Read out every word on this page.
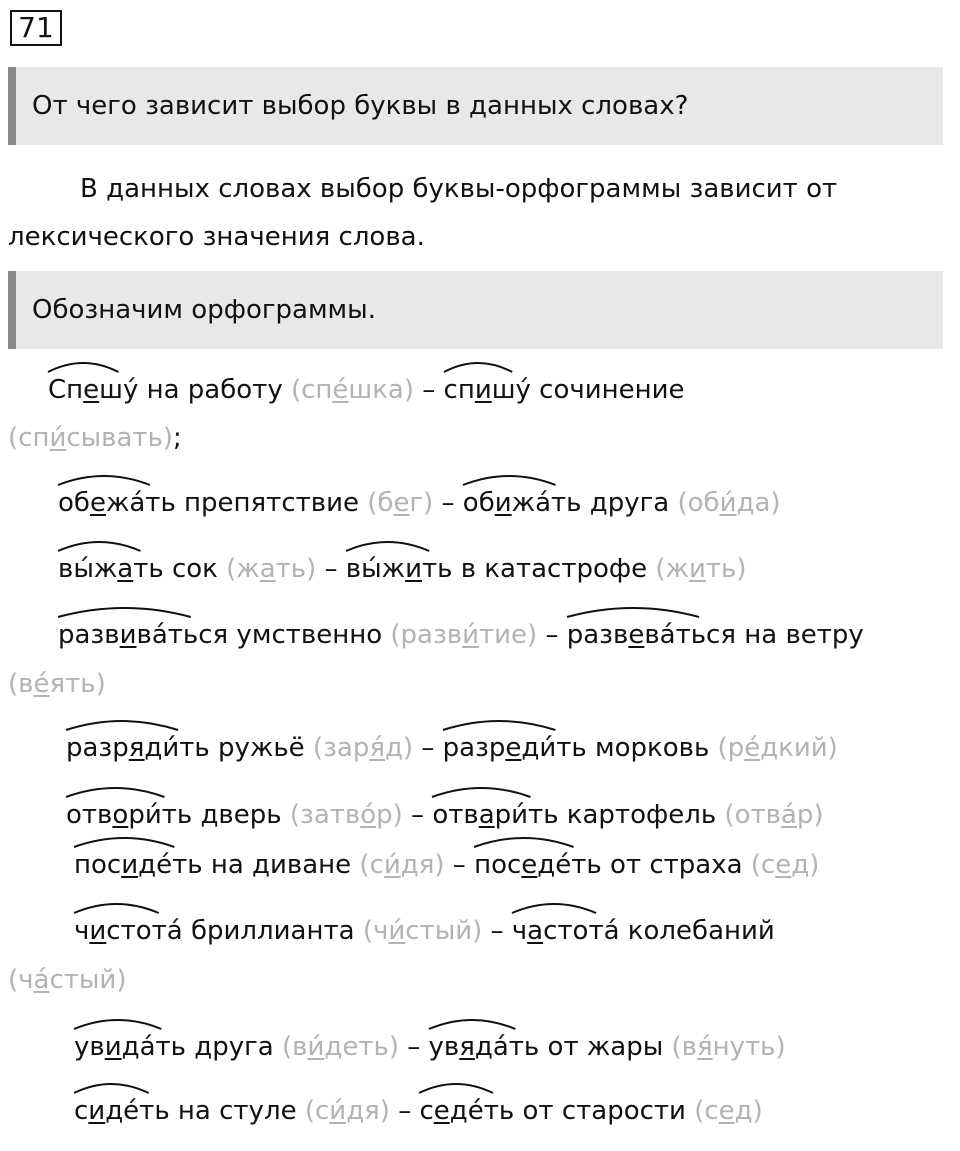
71
От чего зависит выбор буквы в данных словах?

В данных словах выбор буквы-орфограммы зависит от лексического значения слова.

Обозначим орфограммы.
Спешу́
на работу (спе́шка) – спишу́
сочинение
(спи́сывать);
обежа́ть
препятствие (бег) – обижа́ть
друга (оби́да)
вы́жать
сок (жать) – вы́жить
в катастрофе (жить)
развива́ться
умственно (разви́тие) – развева́ться
на ветру
(ве́ять)
разряди́ть
ружьё (заря́д) – разреди́ть
морковь (ре́дкий)
отвори́ть
дверь (затво́р) – отвари́ть
картофель (отва́р)
посиде́ть
на диване (си́дя) – поседе́ть
от страха (сед)
чистота́
бриллианта (чи́стый) – частота́
колебаний
(ча́стый)
увида́ть
друга (ви́деть) – увяда́ть
от жары (вя́нуть)
сиде́ть
на стуле (си́дя) – седе́ть
от старости (сед)
